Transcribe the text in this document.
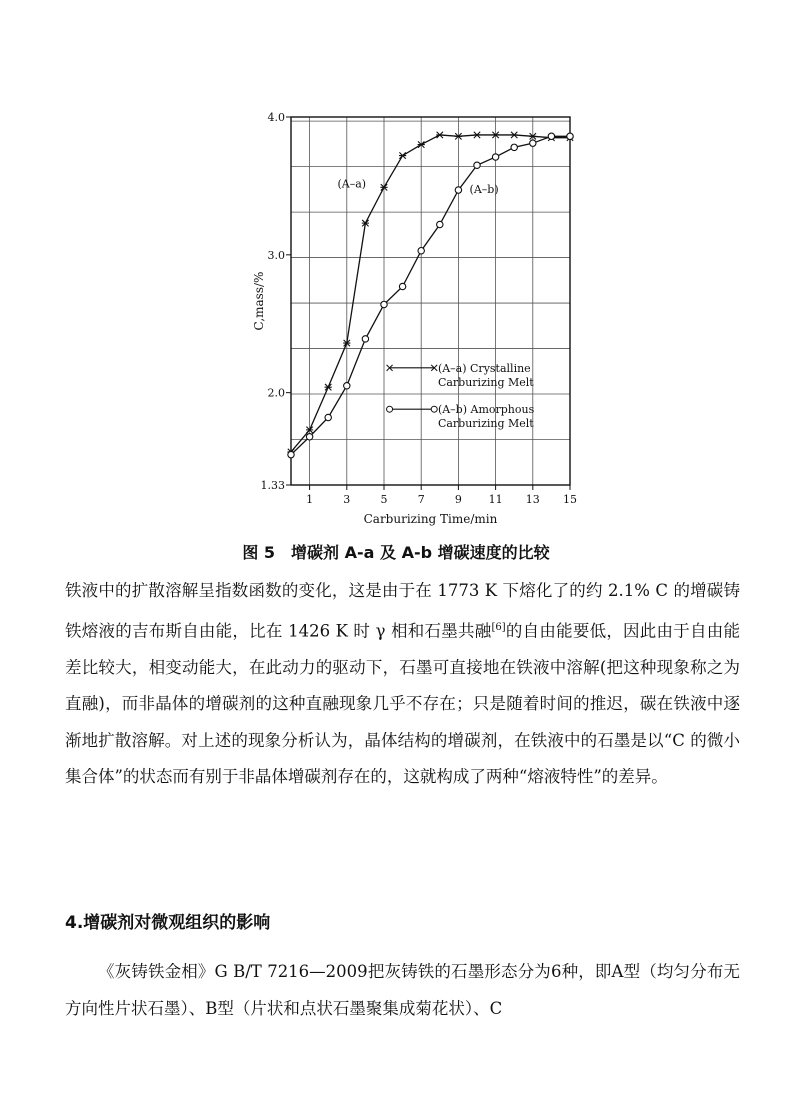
1	3	5	7	9 11 13 15
1.33
2.0
3.0
4.0
Carburizing Time/min
C,mass/%
(A–a)	(A–b)
(A–a) Crystalline
Carburizing Melt
(A–b) Amorphous
Carburizing Melt
图 5　增碳剂 A-a 及 A-b 增碳速度的比较

铁液中的扩散溶解呈指数函数的变化，这是由于在 1773 K 下熔化了的约 2.1% C 的增碳铸铁熔液的吉布斯自由能，比在 1426 K 时 γ 相和石墨共融[6]的自由能要低，因此由于自由能差比较大，相变动能大，在此动力的驱动下，石墨可直接地在铁液中溶解(把这种现象称之为直融)，而非晶体的增碳剂的这种直融现象几乎不存在；只是随着时间的推迟，碳在铁液中逐渐地扩散溶解。对上述的现象分析认为，晶体结构的增碳剂，在铁液中的石墨是以“C 的微小集合体”的状态而有别于非晶体增碳剂存在的，这就构成了两种“熔液特性”的差异。

4.增碳剂对微观组织的影响

《灰铸铁金相》G B/T 7216—2009把灰铸铁的石墨形态分为6种，即A型（均匀分布无方向性片状石墨）、B型（片状和点状石墨聚集成菊花状）、C
